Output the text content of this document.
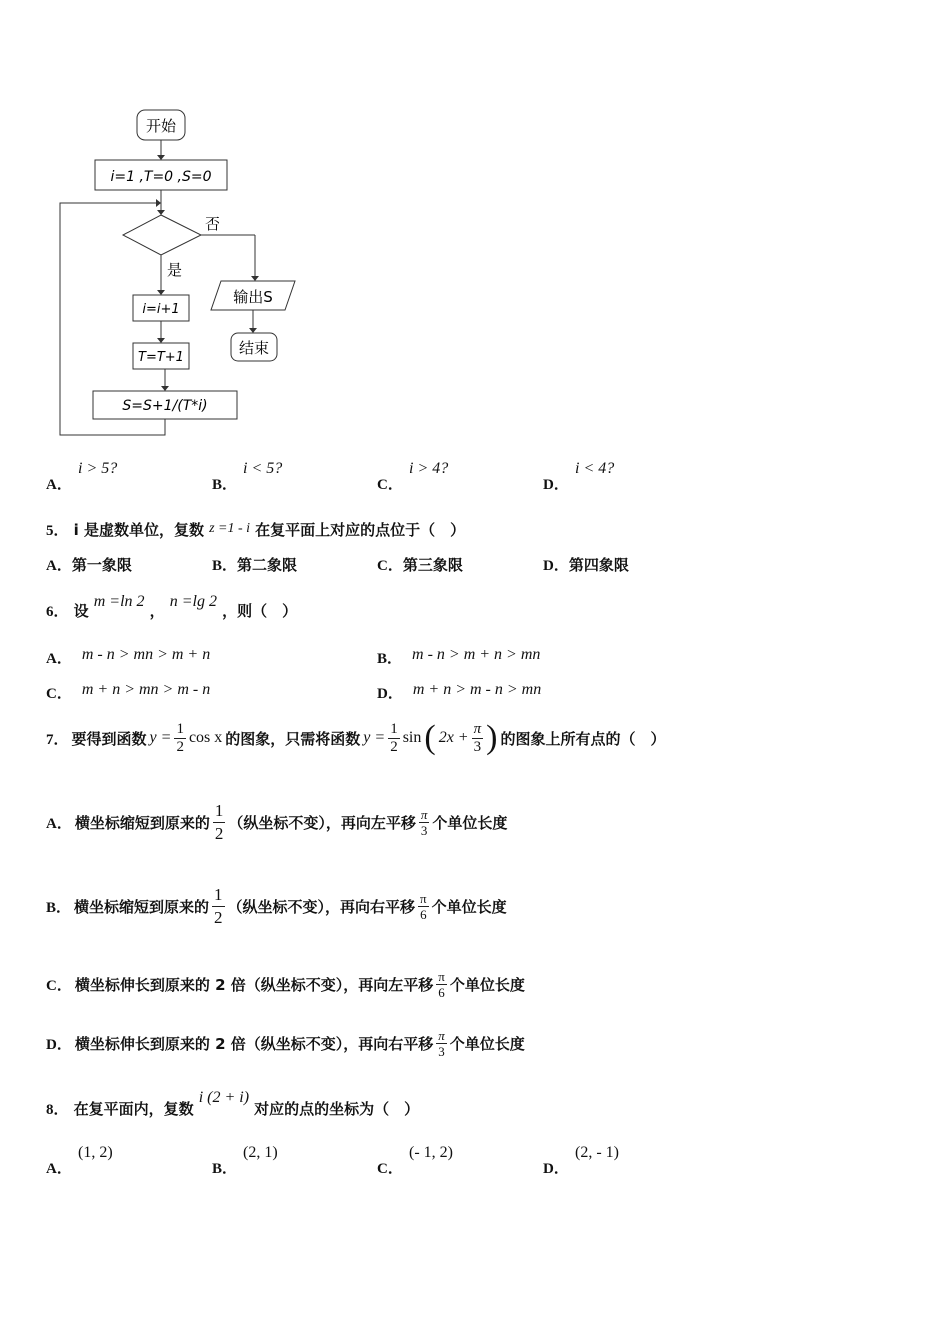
开始
i=1 ,T=0 ,S=0
否
输出S
结束
是
i=i+1
T=T+1
S=S+1/(T*i)
A．
i > 5?
B．
i < 5?
C．
i > 4?
D．
i < 4?
5． i 是虚数单位，复数 z =1 - i 在复平面上对应的点位于（　）
A．第一象限	B．第二象限	C．第三象限	D．第四象限
6． 设 m =ln 2 ， n =lg 2 ，则（　）
A． m - n > mn > m + n	B． m - n > m + n > mn
C． m + n > mn > m - n	D． m + n > m - n > mn
7． 要得到函数 $y = \frac{1}{2}$ cos x 的图象，只需将函数 $y = \frac{1}{2}$ sin ( $2x + \frac{\pi}{3}$ ) 的图象上所有点的（　）
A． 横坐标缩短到原来的 $\frac{1}{2}$ （纵坐标不变），再向左平移 $\frac{\pi}{3}$ 个单位长度
B． 横坐标缩短到原来的 $\frac{1}{2}$ （纵坐标不变），再向右平移 $\frac{\pi}{6}$ 个单位长度
C． 横坐标伸长到原来的 2 倍（纵坐标不变），再向左平移 $\frac{\pi}{6}$ 个单位长度
D． 横坐标伸长到原来的 2 倍（纵坐标不变），再向右平移 $\frac{\pi}{3}$ 个单位长度
8． 在复平面内，复数 i (2 + i) 对应的点的坐标为（　）
A．
(1, 2)
B．
(2, 1)
C．
(- 1, 2)
D．
(2, - 1)
